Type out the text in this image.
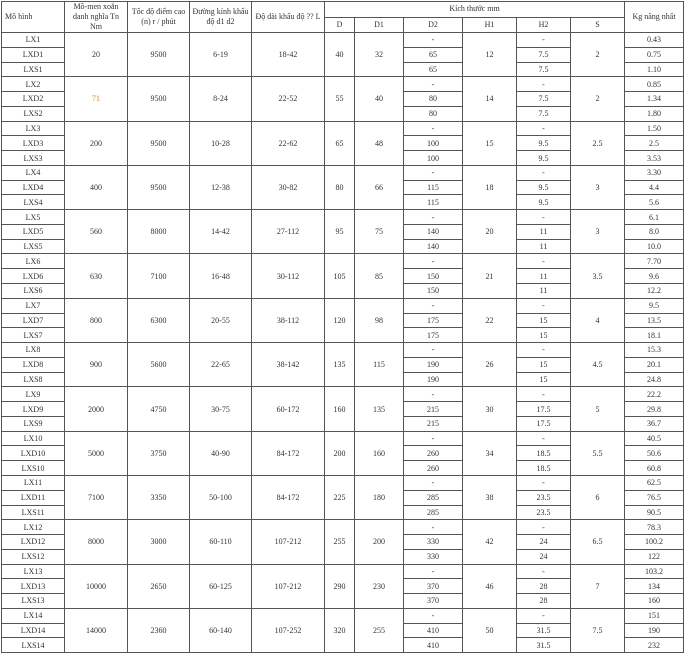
Mô hình	Mô-men xoắn danh nghĩa Tn Nm	Tốc độ điểm cao (n) r / phút	Đường kính khẩu độ d1 d2	Độ dài khẩu độ ?? L	Kích thước mm						Kg năng nhất
					D	D1	D2	H1	H2	S	
LX1	20	9500	6-19	18-42	40	32	-	12	-	2	0.43
LXD1							65		7.5		0.75
LXS1							65		7.5		1.10
LX2	71	9500	8-24	22-52	55	40	-	14	-	2	0.85
LXD2							80		7.5		1.34
LXS2							80		7.5		1.80
LX3	200	9500	10-28	22-62	65	48	-	15	-	2.5	1.50
LXD3							100		9.5		2.5
LXS3							100		9.5		3.53
LX4	400	9500	12-38	30-82	80	66	-	18	-	3	3.30
LXD4							115		9.5		4.4
LXS4							115		9.5		5.6
LX5	560	8000	14-42	27-112	95	75	-	20	-	3	6.1
LXD5							140		11		8.0
LXS5							140		11		10.0
LX6	630	7100	16-48	30-112	105	85	-	21	-	3.5	7.70
LXD6							150		11		9.6
LXS6							150		11		12.2
LX7	800	6300	20-55	38-112	120	98	-	22	-	4	9.5
LXD7							175		15		13.5
LXS7							175		15		18.1
LX8	900	5600	22-65	38-142	135	115	-	26	-	4.5	15.3
LXD8							190		15		20.1
LXS8							190		15		24.8
LX9	2000	4750	30-75	60-172	160	135	-	30	-	5	22.2
LXD9							215		17.5		29.8
LXS9							215		17.5		36.7
LX10	5000	3750	40-90	84-172	200	160	-	34	-	5.5	40.5
LXD10							260		18.5		50.6
LXS10							260		18.5		60.8
LX11	7100	3350	50-100	84-172	225	180	-	38	-	6	62.5
LXD11							285		23.5		76.5
LXS11							285		23.5		90.5
LX12	8000	3000	60-110	107-212	255	200	-	42	-	6.5	78.3
LXD12							330		24		100.2
LXS12							330		24		122
LX13	10000	2650	60-125	107-212	290	230	-	46	-	7	103.2
LXD13							370		28		134
LXS13							370		28		160
LX14	14000	2360	60-140	107-252	320	255	-	50	-	7.5	151
LXD14							410		31.5		190
LXS14							410		31.5		232
